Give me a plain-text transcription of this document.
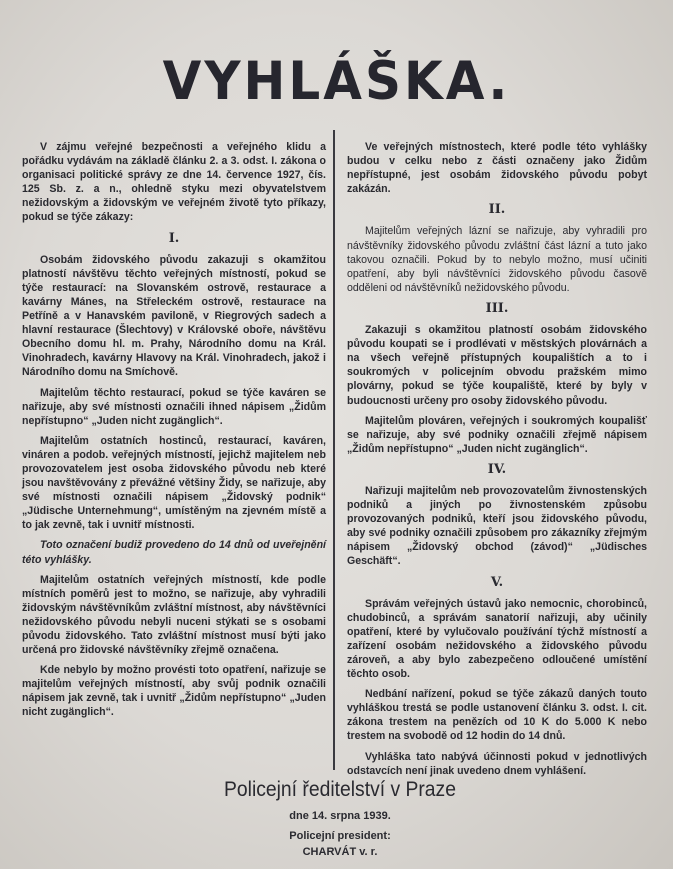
VYHLÁŠKA.

V zájmu veřejné bezpečnosti a veřejného klidu a pořádku vydávám na základě článku 2. a 3. odst. I. zákona o organisaci politické správy ze dne 14. července 1927, čís. 125 Sb. z. a n., ohledně styku mezi obyvatelstvem nežidovským a židovským ve veřejném životě tyto příkazy, pokud se týče zákazy:

I.

Osobám židovského původu zakazuji s okamžitou platností návštěvu těchto veřejných místností, pokud se týče restaurací: na Slovanském ostrově, restaurace a kavárny Mánes, na Střeleckém ostrově, restaurace na Petříně a v Hanavském pavilonĕ, v Riegrových sadech a hlavní restaurace (Šlechtovy) v Královské oboře, návštěvu Obecního domu hl. m. Prahy, Národního domu na Král. Vinohradech, kavárny Hlavovy na Král. Vinohradech, jakož i Národního domu na Smíchově.

Majitelům těchto restaurací, pokud se týče kaváren se nařizuje, aby své místnosti označili ihned nápisem „Židům nepřístupno“ „Juden nicht zugänglich“.

Majitelům ostatních hostinců, restaurací, kaváren, vináren a podob. veřejných místností, jejichž majitelem neb provozovatelem jest osoba židovského původu neb které jsou navštěvovány z převážné většiny Židy, se nařizuje, aby své místnosti označili nápisem „Židovský podnik“ „Jüdische Unternehmung“, umístěným na zjevném místě a to jak zevně, tak i uvnitř místnosti.

Toto označení budiž provedeno do 14 dnů od uveřejnění této vyhlášky.

Majitelům ostatních veřejných místností, kde podle místních poměrů jest to možno, se nařizuje, aby vyhradili židovským návštěvníkům zvláštní místnost, aby návštěvníci nežidovského původu nebyli nuceni stýkati se s osobami původu židovského. Tato zvláštní místnost musí býti jako určená pro židovské návštěvníky zřejmě označena.

Kde nebylo by možno provésti toto opatření, nařizuje se majitelům veřejných místností, aby svůj podnik označili nápisem jak zevně, tak i uvnitř „Židům nepřístupno“ „Juden nicht zugänglich“.

Ve veřejných místnostech, které podle této vyhlášky budou v celku nebo z části označeny jako Židům nepřístupné, jest osobám židovského původu pobyt zakázán.

II.

Majitelům veřejných lázní se nařizuje, aby vyhradili pro návštěvníky židovského původu zvláštní část lázní a tuto jako takovou označili. Pokud by to nebylo možno, musí učiniti opatření, aby byli návštěvníci židovského původu časově odděleni od návštěvníků nežidovského původu.

III.

Zakazuji s okamžitou platností osobám židovského původu koupati se i prodlévati v městských plovárnách a na všech veřejně přístupných koupalištích a to i soukromých v policejním obvodu pražském mimo plovárny, pokud se týče koupaliště, které by byly v budoucnosti určeny pro osoby židovského původu.

Majitelům plováren, veřejných i soukromých koupališť se nařizuje, aby své podniky označili zřejmě nápisem „Židům nepřístupno“ „Juden nicht zugänglich“.

IV.

Nařizuji majitelům neb provozovatelům živnostenských podniků a jiných po živnostenském způsobu provozovaných podniků, kteří jsou židovského původu, aby své podniky označili způsobem pro zákazníky zřejmým nápisem „Židovský obchod (závod)“ „Jüdisches Geschäft“.

V.

Správám veřejných ústavů jako nemocnic, chorobinců, chudobinců, a správám sanatorií nařizuji, aby učinily opatření, které by vylučovalo používání týchž místností a zařízení osobám nežidovského a židovského původu zároveň, a aby bylo zabezpečeno odloučené umístění těchto osob.

Nedbání nařízení, pokud se týče zákazů daných touto vyhláškou trestá se podle ustanovení článku 3. odst. I. cit. zákona trestem na penězích od 10 K do 5.000 K nebo trestem na svobodě od 12 hodin do 14 dnů.

Vyhláška tato nabývá účinnosti pokud v jednotlivých odstavcích není jinak uvedeno dnem vyhlášení.

Policejní ředitelství v Praze
dne 14. srpna 1939.
Policejní president:
CHARVÁT v. r.
